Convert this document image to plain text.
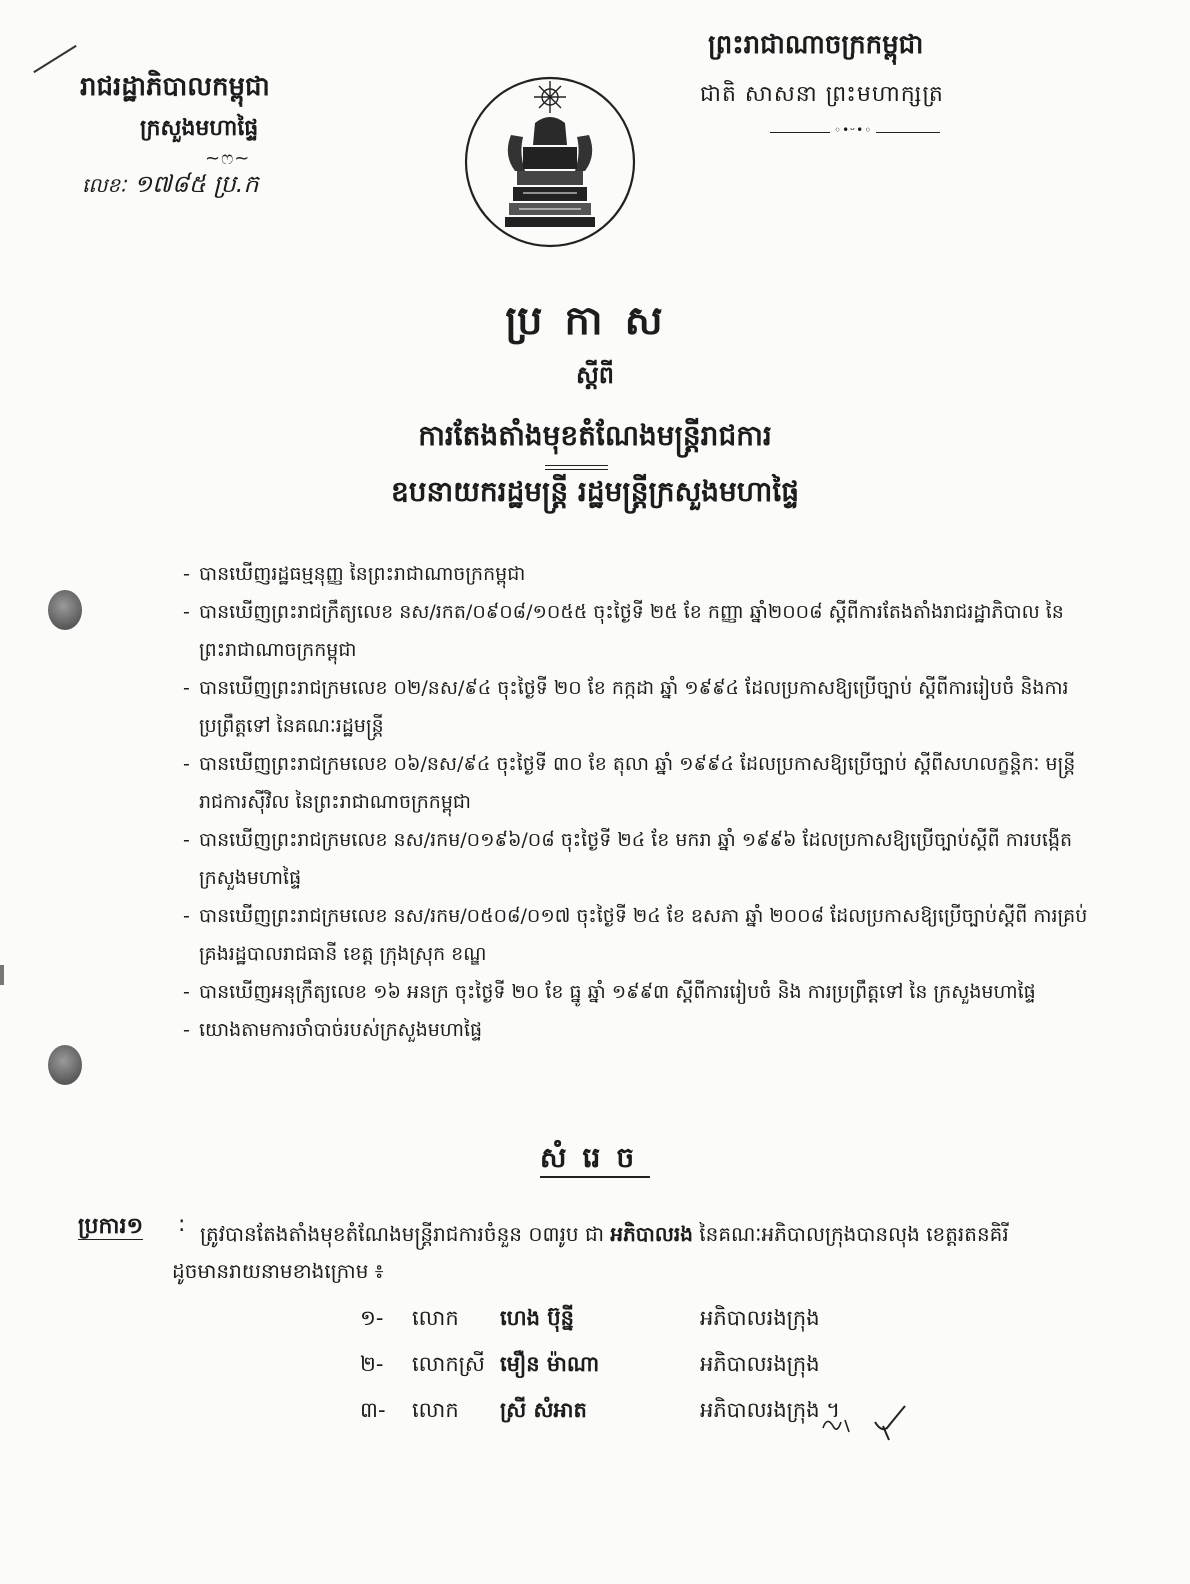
រាជរដ្ឋាភិបាលកម្ពុជា
ក្រសួងមហាផ្ទៃ
~ෆ~
លេខៈ ១៧៨៥ ប្រ.ក
ព្រះរាជាណាចក្រកម្ពុជា
ជាតិ សាសនា ព្រះមហាក្សត្រ
◦•ᵕ•◦
ប្រកាស
ស្តីពី
ការតែងតាំងមុខតំណែងមន្ត្រីរាជការ
ឧបនាយករដ្ឋមន្ត្រី រដ្ឋមន្ត្រីក្រសួងមហាផ្ទៃ
- បានឃើញរដ្ឋធម្មនុញ្ញ នៃព្រះរាជាណាចក្រកម្ពុជា
- បានឃើញព្រះរាជក្រឹត្យលេខ នស/រកត/០៩០៨/១០៥៥ ចុះថ្ងៃទី ២៥ ខែ កញ្ញា ឆ្នាំ២០០៨ ស្តីពីការតែងតាំងរាជរដ្ឋាភិបាល នៃព្រះរាជាណាចក្រកម្ពុជា
- បានឃើញព្រះរាជក្រមលេខ ០២/នស/៩៤ ចុះថ្ងៃទី ២០ ខែ កក្កដា ឆ្នាំ ១៩៩៤ ដែលប្រកាសឱ្យប្រើច្បាប់ ស្តីពីការរៀបចំ និងការប្រព្រឹត្តទៅ នៃគណៈរដ្ឋមន្ត្រី
- បានឃើញព្រះរាជក្រមលេខ ០៦/នស/៩៤ ចុះថ្ងៃទី ៣០ ខែ តុលា ឆ្នាំ ១៩៩៤ ដែលប្រកាសឱ្យប្រើច្បាប់ ស្តីពីសហលក្ខន្តិកៈ មន្ត្រី រាជការស៊ីវិល នៃព្រះរាជាណាចក្រកម្ពុជា
- បានឃើញព្រះរាជក្រមលេខ នស/រកម/០១៩៦/០៨ ចុះថ្ងៃទី ២៤ ខែ មករា ឆ្នាំ ១៩៩៦ ដែលប្រកាសឱ្យប្រើច្បាប់ស្តីពី ការបង្កើតក្រសួងមហាផ្ទៃ
- បានឃើញព្រះរាជក្រមលេខ នស/រកម/០៥០៨/០១៧ ចុះថ្ងៃទី ២៤ ខែ ឧសភា ឆ្នាំ ២០០៨ ដែលប្រកាសឱ្យប្រើច្បាប់ស្តីពី ការគ្រប់គ្រងរដ្ឋបាលរាជធានី ខេត្ត ក្រុងស្រុក ខណ្ឌ
- បានឃើញអនុក្រឹត្យលេខ ១៦ អនក្រ ចុះថ្ងៃទី ២០ ខែ ធ្នូ ឆ្នាំ ១៩៩៣ ស្តីពីការរៀបចំ និង ការប្រព្រឹត្តទៅ នៃ ក្រសួងមហាផ្ទៃ
- យោងតាមការចាំបាច់របស់ក្រសួងមហាផ្ទៃ
សំរេច
ប្រការ១ : ត្រូវបានតែងតាំងមុខតំណែងមន្ត្រីរាជការចំនួន ០៣រូប ជា អភិបាលរង នៃគណៈអភិបាលក្រុងបានលុង ខេត្តរតនគិរី
ដូចមានរាយនាមខាងក្រោម ៖
១- លោក ហេង ប៊ុន្នី	អភិបាលរងក្រុង
២- លោកស្រី មឿន ម៉ាណា	អភិបាលរងក្រុង
៣- លោក ស្រី សំអាត	អភិបាលរងក្រុង ។
